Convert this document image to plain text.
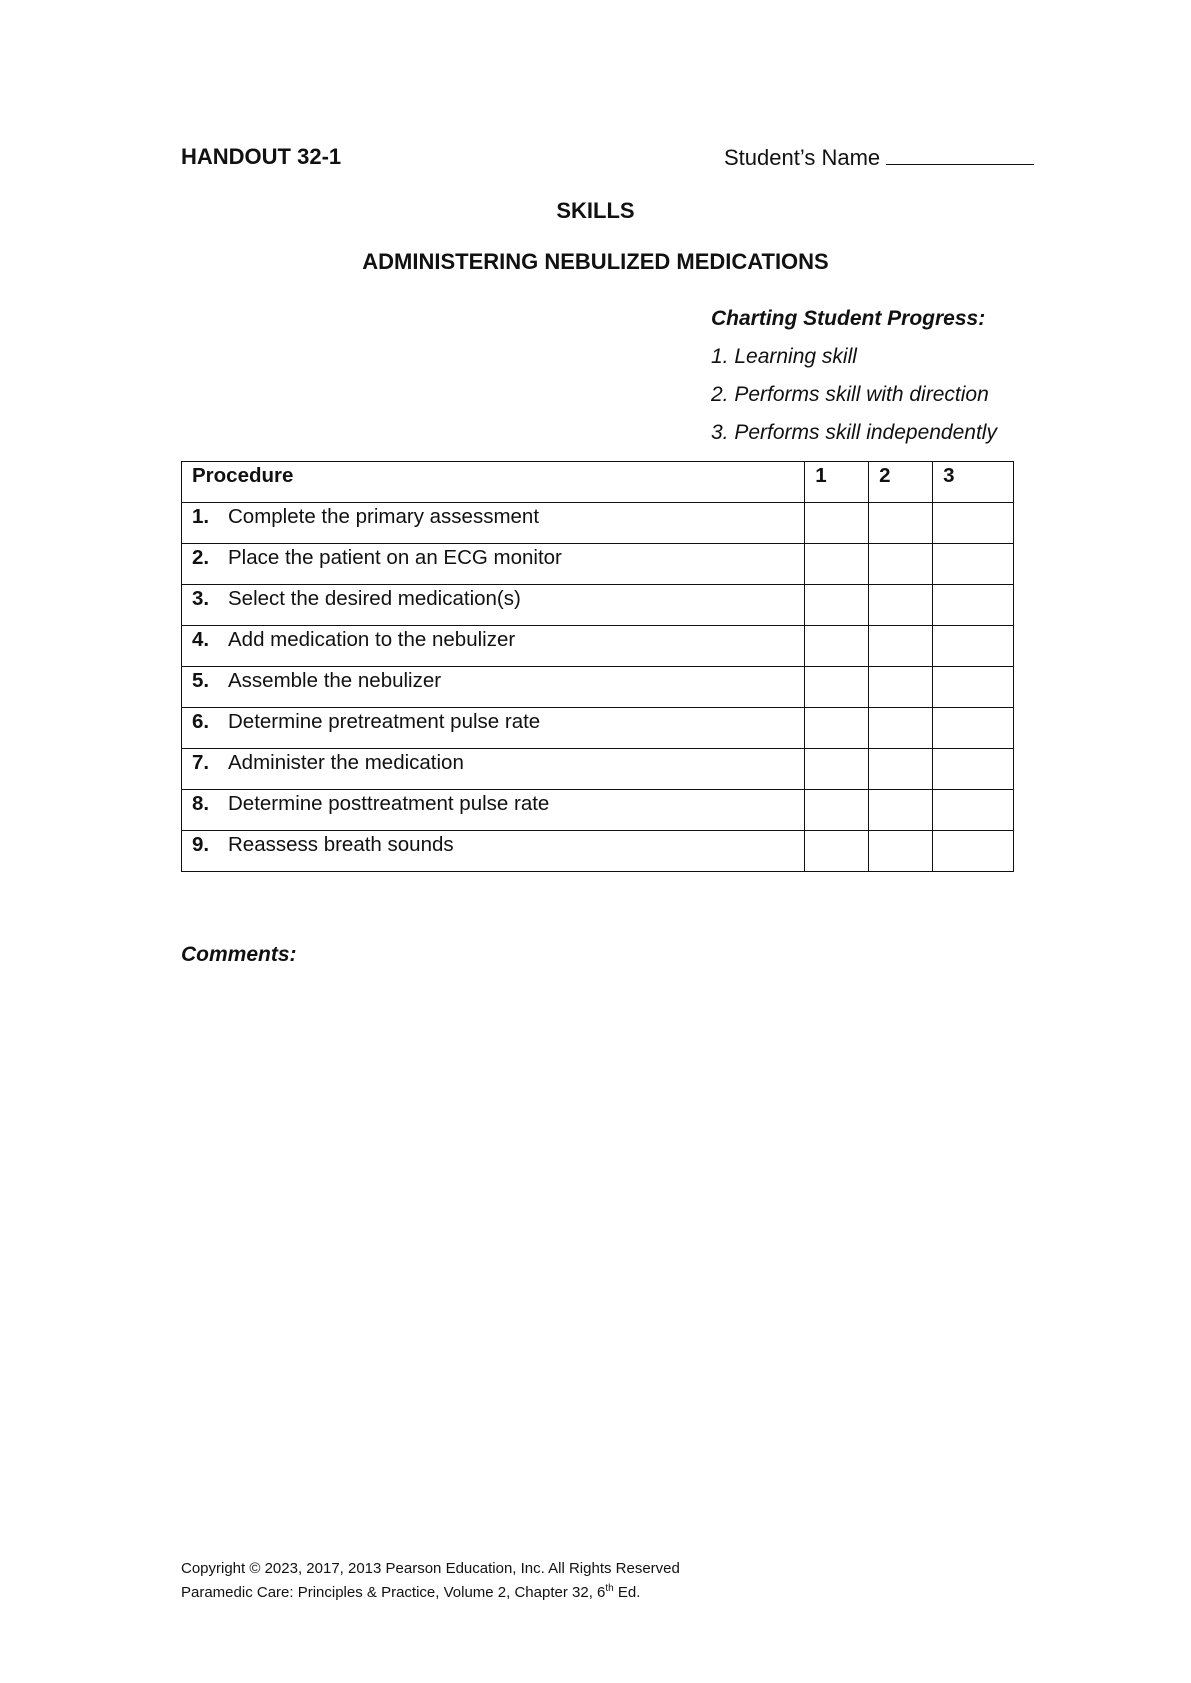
HANDOUT 32-1	Student’s Name
SKILLS
ADMINISTERING NEBULIZED MEDICATIONS
Charting Student Progress:
1. Learning skill
2. Performs skill with direction
3. Performs skill independently
Procedure	1	2	3
1. Complete the primary assessment			
2. Place the patient on an ECG monitor			
3. Select the desired medication(s)			
4. Add medication to the nebulizer			
5. Assemble the nebulizer			
6. Determine pretreatment pulse rate			
7. Administer the medication			
8. Determine posttreatment pulse rate			
9. Reassess breath sounds			
Comments:
Copyright © 2023, 2017, 2013 Pearson Education, Inc. All Rights Reserved
Paramedic Care: Principles & Practice, Volume 2, Chapter 32, 6th Ed.
